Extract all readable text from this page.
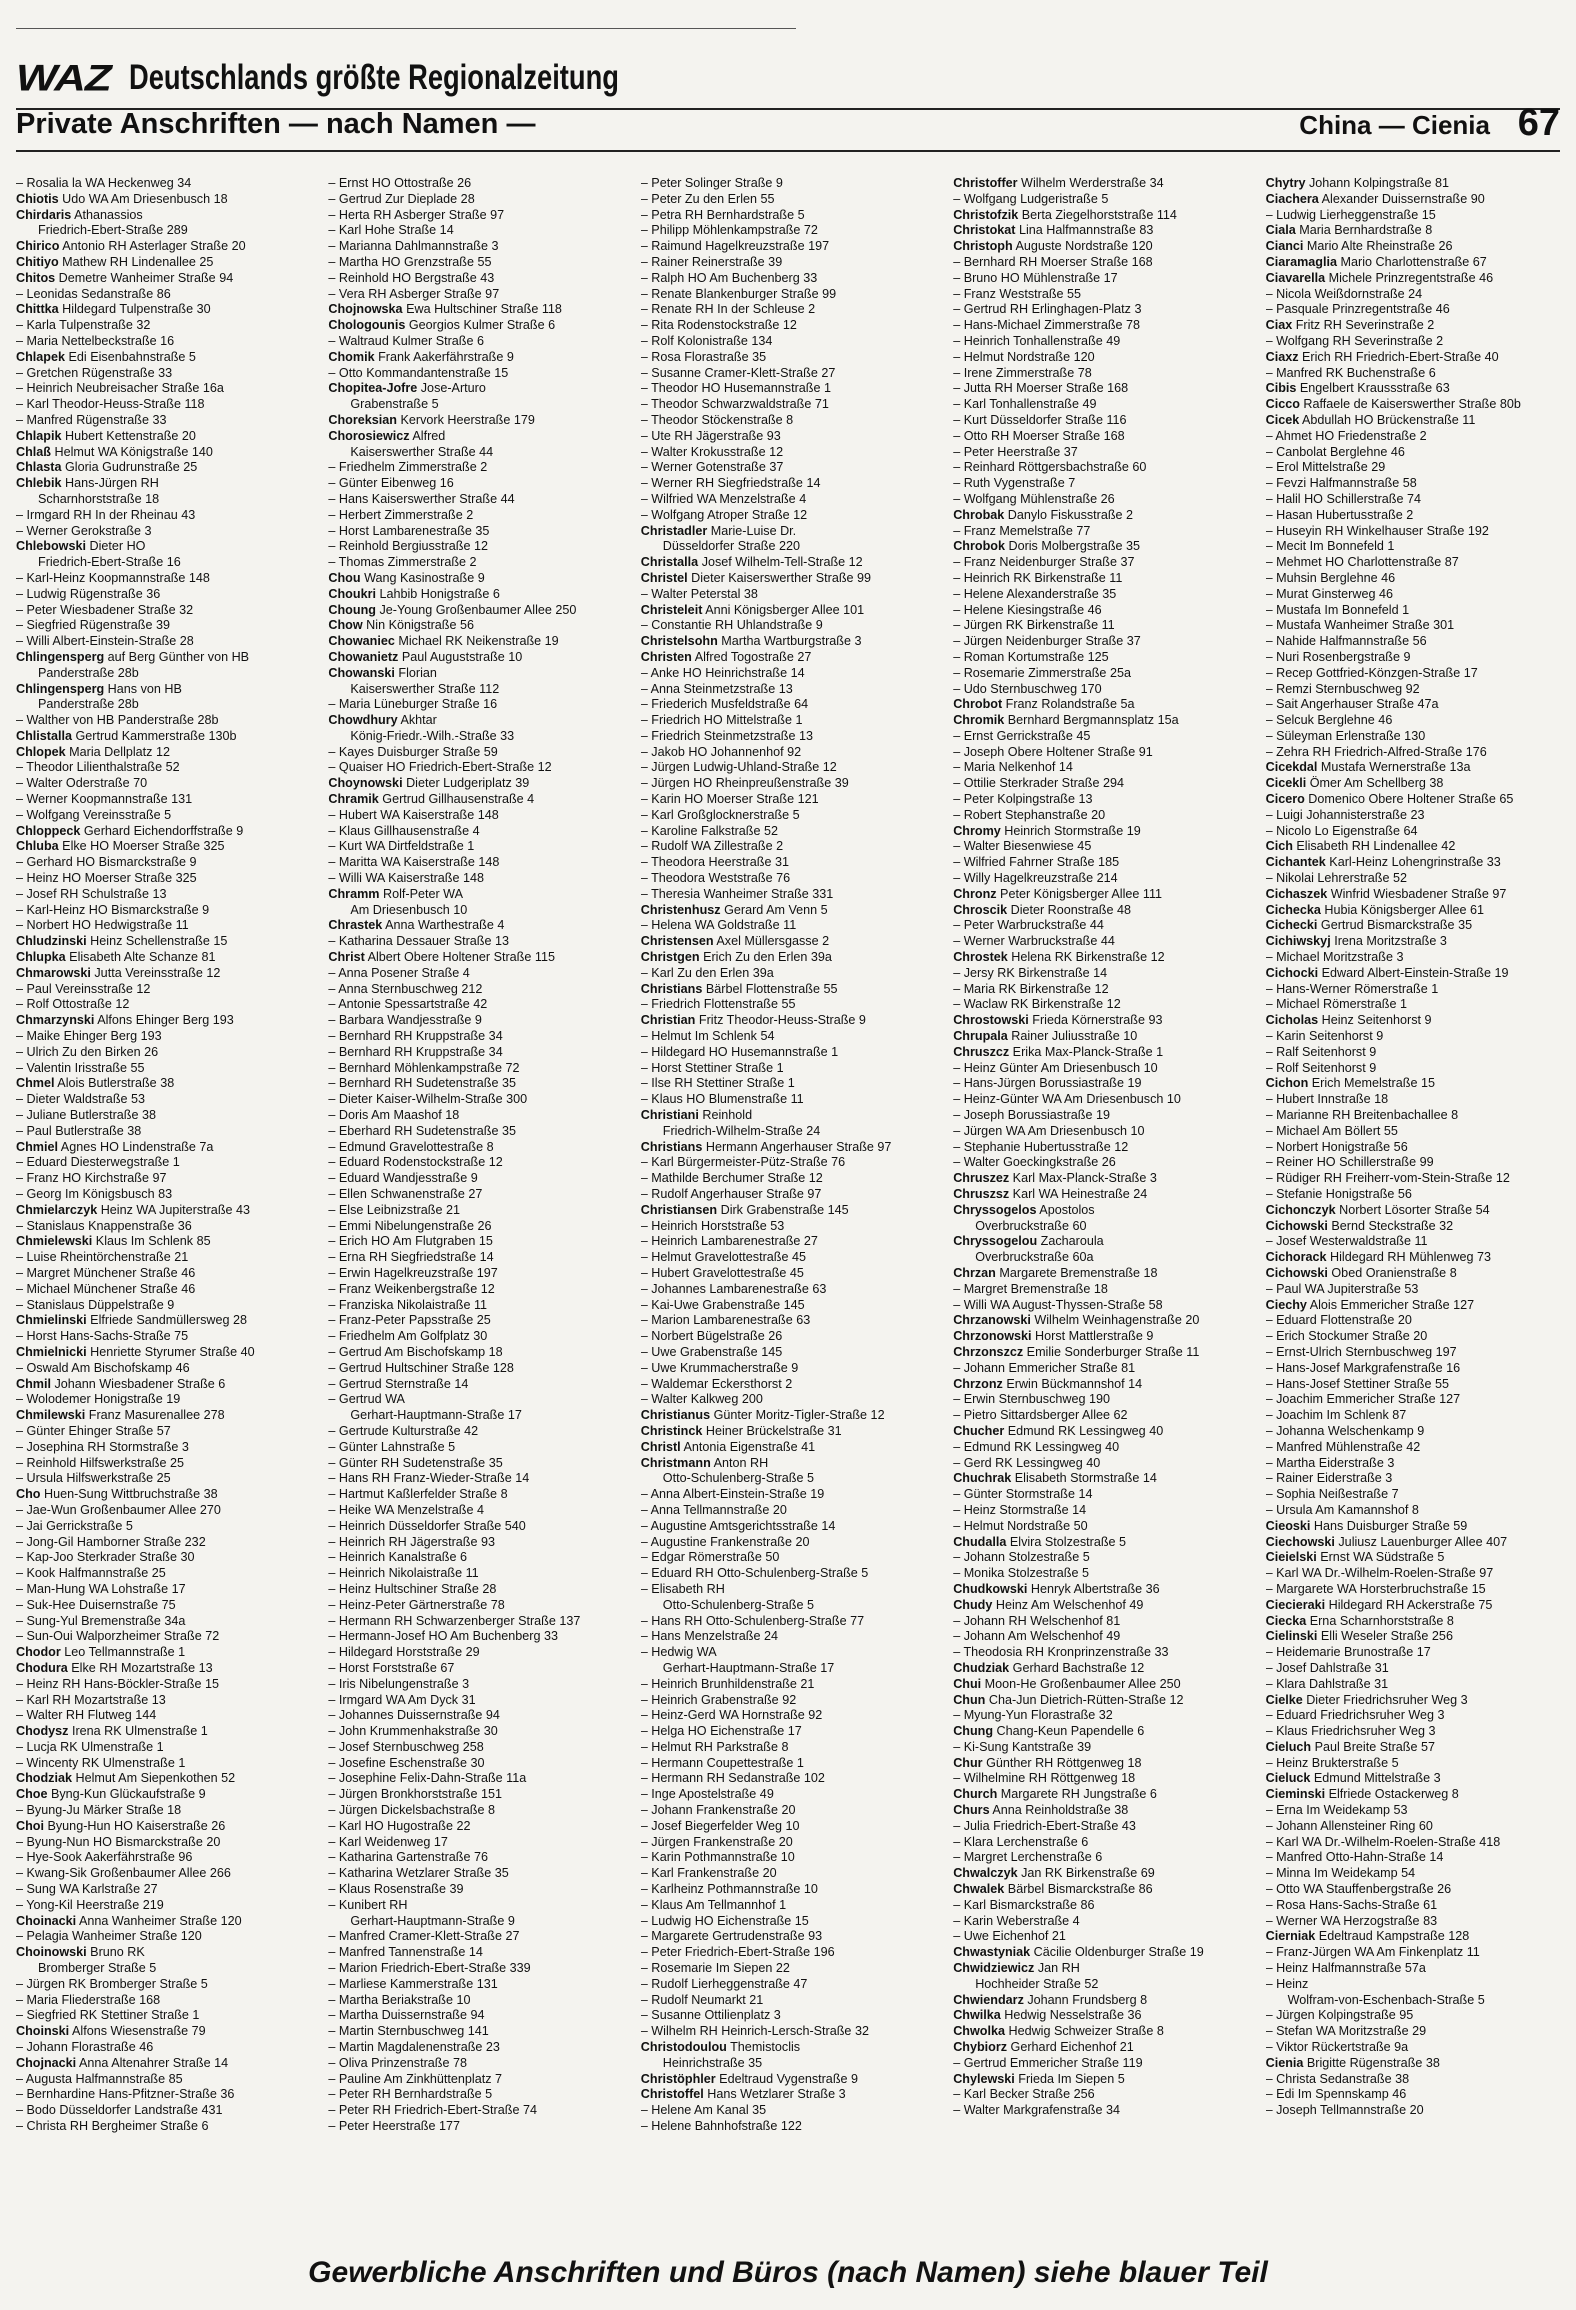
WAZ Deutschlands größte Regionalzeitung
Private Anschriften — nach Namen —	China — Cienia 67
– Rosalia la WA Heckenweg 34
Chiotis Udo WA Am Driesenbusch 18
Chirdaris Athanassios
Friedrich-Ebert-Straße 289
Chirico Antonio RH Asterlager Straße 20
Chitiyo Mathew RH Lindenallee 25
Chitos Demetre Wanheimer Straße 94
– Leonidas Sedanstraße 86
Chittka Hildegard Tulpenstraße 30
– Karla Tulpenstraße 32
– Maria Nettelbeckstraße 16
Chlapek Edi Eisenbahnstraße 5
– Gretchen Rügenstraße 33
– Heinrich Neubreisacher Straße 16a
– Karl Theodor-Heuss-Straße 118
– Manfred Rügenstraße 33
Chlapik Hubert Kettenstraße 20
Chlaß Helmut WA Königstraße 140
Chlasta Gloria Gudrunstraße 25
Chlebik Hans-Jürgen RH
Scharnhorststraße 18
– Irmgard RH In der Rheinau 43
– Werner Gerokstraße 3
Chlebowski Dieter HO
Friedrich-Ebert-Straße 16
– Karl-Heinz Koopmannstraße 148
– Ludwig Rügenstraße 36
– Peter Wiesbadener Straße 32
– Siegfried Rügenstraße 39
– Willi Albert-Einstein-Straße 28
Chlingensperg auf Berg Günther von HB
Panderstraße 28b
Chlingensperg Hans von HB
Panderstraße 28b
– Walther von HB Panderstraße 28b
Chlistalla Gertrud Kammerstraße 130b
Chlopek Maria Dellplatz 12
– Theodor Lilienthalstraße 52
– Walter Oderstraße 70
– Werner Koopmannstraße 131
– Wolfgang Vereinsstraße 5
Chloppeck Gerhard Eichendorffstraße 9
Chluba Elke HO Moerser Straße 325
– Gerhard HO Bismarckstraße 9
– Heinz HO Moerser Straße 325
– Josef RH Schulstraße 13
– Karl-Heinz HO Bismarckstraße 9
– Norbert HO Hedwigstraße 11
Chludzinski Heinz Schellenstraße 15
Chlupka Elisabeth Alte Schanze 81
Chmarowski Jutta Vereinsstraße 12
– Paul Vereinsstraße 12
– Rolf Ottostraße 12
Chmarzynski Alfons Ehinger Berg 193
– Maike Ehinger Berg 193
– Ulrich Zu den Birken 26
– Valentin Irisstraße 55
Chmel Alois Butlerstraße 38
– Dieter Waldstraße 53
– Juliane Butlerstraße 38
– Paul Butlerstraße 38
Chmiel Agnes HO Lindenstraße 7a
– Eduard Diesterwegstraße 1
– Franz HO Kirchstraße 97
– Georg Im Königsbusch 83
Chmielarczyk Heinz WA Jupiterstraße 43
– Stanislaus Knappenstraße 36
Chmielewski Klaus Im Schlenk 85
– Luise Rheintörchenstraße 21
– Margret Münchener Straße 46
– Michael Münchener Straße 46
– Stanislaus Düppelstraße 9
Chmielinski Elfriede Sandmüllersweg 28
– Horst Hans-Sachs-Straße 75
Chmielnicki Henriette Styrumer Straße 40
– Oswald Am Bischofskamp 46
Chmil Johann Wiesbadener Straße 6
– Wolodemer Honigstraße 19
Chmilewski Franz Masurenallee 278
– Günter Ehinger Straße 57
– Josephina RH Stormstraße 3
– Reinhold Hilfswerkstraße 25
– Ursula Hilfswerkstraße 25
Cho Huen-Sung Wittbruchstraße 38
– Jae-Wun Großenbaumer Allee 270
– Jai Gerrickstraße 5
– Jong-Gil Hamborner Straße 232
– Kap-Joo Sterkrader Straße 30
– Kook Halfmannstraße 25
– Man-Hung WA Lohstraße 17
– Suk-Hee Duisernstraße 75
– Sung-Yul Bremenstraße 34a
– Sun-Oui Walporzheimer Straße 72
Chodor Leo Tellmannstraße 1
Chodura Elke RH Mozartstraße 13
– Heinz RH Hans-Böckler-Straße 15
– Karl RH Mozartstraße 13
– Walter RH Flutweg 144
Chodysz Irena RK Ulmenstraße 1
– Lucja RK Ulmenstraße 1
– Wincenty RK Ulmenstraße 1
Chodziak Helmut Am Siepenkothen 52
Choe Byng-Kun Glückaufstraße 9
– Byung-Ju Märker Straße 18
Choi Byung-Hun HO Kaiserstraße 26
– Byung-Nun HO Bismarckstraße 20
– Hye-Sook Aakerfährstraße 96
– Kwang-Sik Großenbaumer Allee 266
– Sung WA Karlstraße 27
– Yong-Kil Heerstraße 219
Choinacki Anna Wanheimer Straße 120
– Pelagia Wanheimer Straße 120
Choinowski Bruno RK
Bromberger Straße 5
– Jürgen RK Bromberger Straße 5
– Maria Fliederstraße 168
– Siegfried RK Stettiner Straße 1
Choinski Alfons Wiesenstraße 79
– Johann Florastraße 46
Chojnacki Anna Altenahrer Straße 14
– Augusta Halfmannstraße 85
– Bernhardine Hans-Pfitzner-Straße 36
– Bodo Düsseldorfer Landstraße 431
– Christa RH Bergheimer Straße 6
– Ernst HO Ottostraße 26
– Gertrud Zur Dieplade 28
– Herta RH Asberger Straße 97
– Karl Hohe Straße 14
– Marianna Dahlmannstraße 3
– Martha HO Grenzstraße 55
– Reinhold HO Bergstraße 43
– Vera RH Asberger Straße 97
Chojnowska Ewa Hultschiner Straße 118
Chologounis Georgios Kulmer Straße 6
– Waltraud Kulmer Straße 6
Chomik Frank Aakerfährstraße 9
– Otto Kommandantenstraße 15
Chopitea-Jofre Jose-Arturo
Grabenstraße 5
Choreksian Kervork Heerstraße 179
Chorosiewicz Alfred
Kaiserswerther Straße 44
– Friedhelm Zimmerstraße 2
– Günter Eibenweg 16
– Hans Kaiserswerther Straße 44
– Herbert Zimmerstraße 2
– Horst Lambarenestraße 35
– Reinhold Bergiusstraße 12
– Thomas Zimmerstraße 2
Chou Wang Kasinostraße 9
Choukri Lahbib Honigstraße 6
Choung Je-Young Großenbaumer Allee 250
Chow Nin Königstraße 56
Chowaniec Michael RK Neikenstraße 19
Chowanietz Paul Auguststraße 10
Chowanski Florian
Kaiserswerther Straße 112
– Maria Lüneburger Straße 16
Chowdhury Akhtar
König-Friedr.-Wilh.-Straße 33
– Kayes Duisburger Straße 59
– Quaiser HO Friedrich-Ebert-Straße 12
Choynowski Dieter Ludgeriplatz 39
Chramik Gertrud Gillhausenstraße 4
– Hubert WA Kaiserstraße 148
– Klaus Gillhausenstraße 4
– Kurt WA Dirtfeldstraße 1
– Maritta WA Kaiserstraße 148
– Willi WA Kaiserstraße 148
Chramm Rolf-Peter WA
Am Driesenbusch 10
Chrastek Anna Warthestraße 4
– Katharina Dessauer Straße 13
Christ Albert Obere Holtener Straße 115
– Anna Posener Straße 4
– Anna Sternbuschweg 212
– Antonie Spessartstraße 42
– Barbara Wandjesstraße 9
– Bernhard RH Kruppstraße 34
– Bernhard RH Kruppstraße 34
– Bernhard Möhlenkampstraße 72
– Bernhard RH Sudetenstraße 35
– Dieter Kaiser-Wilhelm-Straße 300
– Doris Am Maashof 18
– Eberhard RH Sudetenstraße 35
– Edmund Gravelottestraße 8
– Eduard Rodenstockstraße 12
– Eduard Wandjesstraße 9
– Ellen Schwanenstraße 27
– Else Leibnizstraße 21
– Emmi Nibelungenstraße 26
– Erich HO Am Flutgraben 15
– Erna RH Siegfriedstraße 14
– Erwin Hagelkreuzstraße 197
– Franz Weikenbergstraße 12
– Franziska Nikolaistraße 11
– Franz-Peter Papsstraße 25
– Friedhelm Am Golfplatz 30
– Gertrud Am Bischofskamp 18
– Gertrud Hultschiner Straße 128
– Gertrud Sternstraße 14
– Gertrud WA
Gerhart-Hauptmann-Straße 17
– Gertrude Kulturstraße 42
– Günter Lahnstraße 5
– Günter RH Sudetenstraße 35
– Hans RH Franz-Wieder-Straße 14
– Hartmut Kaßlerfelder Straße 8
– Heike WA Menzelstraße 4
– Heinrich Düsseldorfer Straße 540
– Heinrich RH Jägerstraße 93
– Heinrich Kanalstraße 6
– Heinrich Nikolaistraße 11
– Heinz Hultschiner Straße 28
– Heinz-Peter Gärtnerstraße 78
– Hermann RH Schwarzenberger Straße 137
– Hermann-Josef HO Am Buchenberg 33
– Hildegard Horststraße 29
– Horst Forststraße 67
– Iris Nibelungenstraße 3
– Irmgard WA Am Dyck 31
– Johannes Duissernstraße 94
– John Krummenhakstraße 30
– Josef Sternbuschweg 258
– Josefine Eschenstraße 30
– Josephine Felix-Dahn-Straße 11a
– Jürgen Bronkhorststraße 151
– Jürgen Dickelsbachstraße 8
– Karl HO Hugostraße 22
– Karl Weidenweg 17
– Katharina Gartenstraße 76
– Katharina Wetzlarer Straße 35
– Klaus Rosenstraße 39
– Kunibert RH
Gerhart-Hauptmann-Straße 9
– Manfred Cramer-Klett-Straße 27
– Manfred Tannenstraße 14
– Marion Friedrich-Ebert-Straße 339
– Marliese Kammerstraße 131
– Martha Beriakstraße 10
– Martha Duissernstraße 94
– Martin Sternbuschweg 141
– Martin Magdalenenstraße 23
– Oliva Prinzenstraße 78
– Pauline Am Zinkhüttenplatz 7
– Peter RH Bernhardstraße 5
– Peter RH Friedrich-Ebert-Straße 74
– Peter Heerstraße 177
– Peter Solinger Straße 9
– Peter Zu den Erlen 55
– Petra RH Bernhardstraße 5
– Philipp Möhlenkampstraße 72
– Raimund Hagelkreuzstraße 197
– Rainer Reinerstraße 39
– Ralph HO Am Buchenberg 33
– Renate Blankenburger Straße 99
– Renate RH In der Schleuse 2
– Rita Rodenstockstraße 12
– Rolf Kolonistraße 134
– Rosa Florastraße 35
– Susanne Cramer-Klett-Straße 27
– Theodor HO Husemannstraße 1
– Theodor Schwarzwaldstraße 71
– Theodor Stöckenstraße 8
– Ute RH Jägerstraße 93
– Walter Krokusstraße 12
– Werner Gotenstraße 37
– Werner RH Siegfriedstraße 14
– Wilfried WA Menzelstraße 4
– Wolfgang Atroper Straße 12
Christadler Marie-Luise Dr.
Düsseldorfer Straße 220
Christalla Josef Wilhelm-Tell-Straße 12
Christel Dieter Kaiserswerther Straße 99
– Walter Peterstal 38
Christeleit Anni Königsberger Allee 101
– Constantie RH Uhlandstraße 9
Christelsohn Martha Wartburgstraße 3
Christen Alfred Togostraße 27
– Anke HO Heinrichstraße 14
– Anna Steinmetzstraße 13
– Friederich Musfeldstraße 64
– Friedrich HO Mittelstraße 1
– Friedrich Steinmetzstraße 13
– Jakob HO Johannenhof 92
– Jürgen Ludwig-Uhland-Straße 12
– Jürgen HO Rheinpreußenstraße 39
– Karin HO Moerser Straße 121
– Karl Großglocknerstraße 5
– Karoline Falkstraße 52
– Rudolf WA Zillestraße 2
– Theodora Heerstraße 31
– Theodora Weststraße 76
– Theresia Wanheimer Straße 331
Christenhusz Gerard Am Venn 5
– Helena WA Goldstraße 11
Christensen Axel Müllersgasse 2
Christgen Erich Zu den Erlen 39a
– Karl Zu den Erlen 39a
Christians Bärbel Flottenstraße 55
– Friedrich Flottenstraße 55
Christian Fritz Theodor-Heuss-Straße 9
– Helmut Im Schlenk 54
– Hildegard HO Husemannstraße 1
– Horst Stettiner Straße 1
– Ilse RH Stettiner Straße 1
– Klaus HO Blumenstraße 11
Christiani Reinhold
Friedrich-Wilhelm-Straße 24
Christians Hermann Angerhauser Straße 97
– Karl Bürgermeister-Pütz-Straße 76
– Mathilde Berchumer Straße 12
– Rudolf Angerhauser Straße 97
Christiansen Dirk Grabenstraße 145
– Heinrich Horststraße 53
– Heinrich Lambarenestraße 27
– Helmut Gravelottestraße 45
– Hubert Gravelottestraße 45
– Johannes Lambarenestraße 63
– Kai-Uwe Grabenstraße 145
– Marion Lambarenestraße 63
– Norbert Bügelstraße 26
– Uwe Grabenstraße 145
– Uwe Krummacherstraße 9
– Waldemar Eckersthorst 2
– Walter Kalkweg 200
Christianus Günter Moritz-Tigler-Straße 12
Christinck Heiner Brückelstraße 31
Christl Antonia Eigenstraße 41
Christmann Anton RH
Otto-Schulenberg-Straße 5
– Anna Albert-Einstein-Straße 19
– Anna Tellmannstraße 20
– Augustine Amtsgerichtsstraße 14
– Augustine Frankenstraße 20
– Edgar Römerstraße 50
– Eduard RH Otto-Schulenberg-Straße 5
– Elisabeth RH
Otto-Schulenberg-Straße 5
– Hans RH Otto-Schulenberg-Straße 77
– Hans Menzelstraße 24
– Hedwig WA
Gerhart-Hauptmann-Straße 17
– Heinrich Brunhildenstraße 21
– Heinrich Grabenstraße 92
– Heinz-Gerd WA Hornstraße 92
– Helga HO Eichenstraße 17
– Helmut RH Parkstraße 8
– Hermann Coupettestraße 1
– Hermann RH Sedanstraße 102
– Inge Apostelstraße 49
– Johann Frankenstraße 20
– Josef Biegerfelder Weg 10
– Jürgen Frankenstraße 20
– Karin Pothmannstraße 10
– Karl Frankenstraße 20
– Karlheinz Pothmannstraße 10
– Klaus Am Tellmannhof 1
– Ludwig HO Eichenstraße 15
– Margarete Gertrudenstraße 93
– Peter Friedrich-Ebert-Straße 196
– Rosemarie Im Siepen 22
– Rudolf Lierheggenstraße 47
– Rudolf Neumarkt 21
– Susanne Ottilienplatz 3
– Wilhelm RH Heinrich-Lersch-Straße 32
Christodoulou Themistoclis
Heinrichstraße 35
Christöphler Edeltraud Vygenstraße 9
Christoffel Hans Wetzlarer Straße 3
– Helene Am Kanal 35
– Helene Bahnhofstraße 122
Christoffer Wilhelm Werderstraße 34
– Wolfgang Ludgeristraße 5
Christofzik Berta Ziegelhorststraße 114
Christokat Lina Halfmannstraße 83
Christoph Auguste Nordstraße 120
– Bernhard RH Moerser Straße 168
– Bruno HO Mühlenstraße 17
– Franz Weststraße 55
– Gertrud RH Erlinghagen-Platz 3
– Hans-Michael Zimmerstraße 78
– Heinrich Tonhallenstraße 49
– Helmut Nordstraße 120
– Irene Zimmerstraße 78
– Jutta RH Moerser Straße 168
– Karl Tonhallenstraße 49
– Kurt Düsseldorfer Straße 116
– Otto RH Moerser Straße 168
– Peter Heerstraße 37
– Reinhard Röttgersbachstraße 60
– Ruth Vygenstraße 7
– Wolfgang Mühlenstraße 26
Chrobak Danylo Fiskusstraße 2
– Franz Memelstraße 77
Chrobok Doris Molbergstraße 35
– Franz Neidenburger Straße 37
– Heinrich RK Birkenstraße 11
– Helene Alexanderstraße 35
– Helene Kiesingstraße 46
– Jürgen RK Birkenstraße 11
– Jürgen Neidenburger Straße 37
– Roman Kortumstraße 125
– Rosemarie Zimmerstraße 25a
– Udo Sternbuschweg 170
Chrobot Franz Rolandstraße 5a
Chromik Bernhard Bergmannsplatz 15a
– Ernst Gerrickstraße 45
– Joseph Obere Holtener Straße 91
– Maria Nelkenhof 14
– Ottilie Sterkrader Straße 294
– Peter Kolpingstraße 13
– Robert Stephanstraße 20
Chromy Heinrich Stormstraße 19
– Walter Biesenwiese 45
– Wilfried Fahrner Straße 185
– Willy Hagelkreuzstraße 214
Chronz Peter Königsberger Allee 111
Chroscik Dieter Roonstraße 48
– Peter Warbruckstraße 44
– Werner Warbruckstraße 44
Chrostek Helena RK Birkenstraße 12
– Jersy RK Birkenstraße 14
– Maria RK Birkenstraße 12
– Waclaw RK Birkenstraße 12
Chrostowski Frieda Körnerstraße 93
Chrupala Rainer Juliusstraße 10
Chruszcz Erika Max-Planck-Straße 1
– Heinz Günter Am Driesenbusch 10
– Hans-Jürgen Borussiastraße 19
– Heinz-Günter WA Am Driesenbusch 10
– Joseph Borussiastraße 19
– Jürgen WA Am Driesenbusch 10
– Stephanie Hubertusstraße 12
– Walter Goeckingkstraße 26
Chruszez Karl Max-Planck-Straße 3
Chruszsz Karl WA Heinestraße 24
Chryssogelos Apostolos
Overbruckstraße 60
Chryssogelou Zacharoula
Overbruckstraße 60a
Chrzan Margarete Bremenstraße 18
– Margret Bremenstraße 18
– Willi WA August-Thyssen-Straße 58
Chrzanowski Wilhelm Weinhagenstraße 20
Chrzonowski Horst Mattlerstraße 9
Chrzonszcz Emilie Sonderburger Straße 11
– Johann Emmericher Straße 81
Chrzonz Erwin Bückmannshof 14
– Erwin Sternbuschweg 190
– Pietro Sittardsberger Allee 62
Chucher Edmund RK Lessingweg 40
– Edmund RK Lessingweg 40
– Gerd RK Lessingweg 40
Chuchrak Elisabeth Stormstraße 14
– Günter Stormstraße 14
– Heinz Stormstraße 14
– Helmut Nordstraße 50
Chudalla Elvira Stolzestraße 5
– Johann Stolzestraße 5
– Monika Stolzestraße 5
Chudkowski Henryk Albertstraße 36
Chudy Heinz Am Welschenhof 49
– Johann RH Welschenhof 81
– Johann Am Welschenhof 49
– Theodosia RH Kronprinzenstraße 33
Chudziak Gerhard Bachstraße 12
Chui Moon-He Großenbaumer Allee 250
Chun Cha-Jun Dietrich-Rütten-Straße 12
– Myung-Yun Florastraße 32
Chung Chang-Keun Papendelle 6
– Ki-Sung Kantstraße 39
Chur Günther RH Röttgenweg 18
– Wilhelmine RH Röttgenweg 18
Church Margarete RH Jungstraße 6
Churs Anna Reinholdstraße 38
– Julia Friedrich-Ebert-Straße 43
– Klara Lerchenstraße 6
– Margret Lerchenstraße 6
Chwalczyk Jan RK Birkenstraße 69
Chwalek Bärbel Bismarckstraße 86
– Karl Bismarckstraße 86
– Karin Weberstraße 4
– Uwe Eichenhof 21
Chwastyniak Cäcilie Oldenburger Straße 19
Chwidziewicz Jan RH
Hochheider Straße 52
Chwiendarz Johann Frundsberg 8
Chwilka Hedwig Nesselstraße 36
Chwolka Hedwig Schweizer Straße 8
Chybiorz Gerhard Eichenhof 21
– Gertrud Emmericher Straße 119
Chylewski Frieda Im Siepen 5
– Karl Becker Straße 256
– Walter Markgrafenstraße 34
Chytry Johann Kolpingstraße 81
Ciachera Alexander Duissernstraße 90
– Ludwig Lierheggenstraße 15
Ciala Maria Bernhardstraße 8
Cianci Mario Alte Rheinstraße 26
Ciaramaglia Mario Charlottenstraße 67
Ciavarella Michele Prinzregentstraße 46
– Nicola Weißdornstraße 24
– Pasquale Prinzregentstraße 46
Ciax Fritz RH Severinstraße 2
– Wolfgang RH Severinstraße 2
Ciaxz Erich RH Friedrich-Ebert-Straße 40
– Manfred RK Buchenstraße 6
Cibis Engelbert Kraussstraße 63
Cicco Raffaele de Kaiserswerther Straße 80b
Cicek Abdullah HO Brückenstraße 11
– Ahmet HO Friedenstraße 2
– Canbolat Berglehne 46
– Erol Mittelstraße 29
– Fevzi Halfmannstraße 58
– Halil HO Schillerstraße 74
– Hasan Hubertusstraße 2
– Huseyin RH Winkelhauser Straße 192
– Mecit Im Bonnefeld 1
– Mehmet HO Charlottenstraße 87
– Muhsin Berglehne 46
– Murat Ginsterweg 46
– Mustafa Im Bonnefeld 1
– Mustafa Wanheimer Straße 301
– Nahide Halfmannstraße 56
– Nuri Rosenbergstraße 9
– Recep Gottfried-Könzgen-Straße 17
– Remzi Sternbuschweg 92
– Sait Angerhauser Straße 47a
– Selcuk Berglehne 46
– Süleyman Erlenstraße 130
– Zehra RH Friedrich-Alfred-Straße 176
Cicekdal Mustafa Wernerstraße 13a
Cicekli Ömer Am Schellberg 38
Cicero Domenico Obere Holtener Straße 65
– Luigi Johannisterstraße 23
– Nicolo Lo Eigenstraße 64
Cich Elisabeth RH Lindenallee 42
Cichantek Karl-Heinz Lohengrinstraße 33
– Nikolai Lehrerstraße 52
Cichaszek Winfrid Wiesbadener Straße 97
Cichecka Hubia Königsberger Allee 61
Cichecki Gertrud Bismarckstraße 35
Cichiwskyj Irena Moritzstraße 3
– Michael Moritzstraße 3
Cichocki Edward Albert-Einstein-Straße 19
– Hans-Werner Römerstraße 1
– Michael Römerstraße 1
Cicholas Heinz Seitenhorst 9
– Karin Seitenhorst 9
– Ralf Seitenhorst 9
– Rolf Seitenhorst 9
Cichon Erich Memelstraße 15
– Hubert Innstraße 18
– Marianne RH Breitenbachallee 8
– Michael Am Böllert 55
– Norbert Honigstraße 56
– Reiner HO Schillerstraße 99
– Rüdiger RH Freiherr-vom-Stein-Straße 12
– Stefanie Honigstraße 56
Cichonczyk Norbert Lösorter Straße 54
Cichowski Bernd Steckstraße 32
– Josef Westerwaldstraße 11
Cichorack Hildegard RH Mühlenweg 73
Cichowski Obed Oranienstraße 8
– Paul WA Jupiterstraße 53
Ciechy Alois Emmericher Straße 127
– Eduard Flottenstraße 20
– Erich Stockumer Straße 20
– Ernst-Ulrich Sternbuschweg 197
– Hans-Josef Markgrafenstraße 16
– Hans-Josef Stettiner Straße 55
– Joachim Emmericher Straße 127
– Joachim Im Schlenk 87
– Johanna Welschenkamp 9
– Manfred Mühlenstraße 42
– Martha Eiderstraße 3
– Rainer Eiderstraße 3
– Sophia Neißestraße 7
– Ursula Am Kamannshof 8
Cieoski Hans Duisburger Straße 59
Ciechowski Juliusz Lauenburger Allee 407
Cieielski Ernst WA Südstraße 5
– Karl WA Dr.-Wilhelm-Roelen-Straße 97
– Margarete WA Horsterbruchstraße 15
Ciecieraki Hildegard RH Ackerstraße 75
Ciecka Erna Scharnhorststraße 8
Cielinski Elli Weseler Straße 256
– Heidemarie Brunostraße 17
– Josef Dahlstraße 31
– Klara Dahlstraße 31
Cielke Dieter Friedrichsruher Weg 3
– Eduard Friedrichsruher Weg 3
– Klaus Friedrichsruher Weg 3
Cieluch Paul Breite Straße 57
– Heinz Brukterstraße 5
Cieluck Edmund Mittelstraße 3
Cieminski Elfriede Ostackerweg 8
– Erna Im Weidekamp 53
– Johann Allensteiner Ring 60
– Karl WA Dr.-Wilhelm-Roelen-Straße 418
– Manfred Otto-Hahn-Straße 14
– Minna Im Weidekamp 54
– Otto WA Stauffenbergstraße 26
– Rosa Hans-Sachs-Straße 61
– Werner WA Herzogstraße 83
Cierniak Edeltraud Kampstraße 128
– Franz-Jürgen WA Am Finkenplatz 11
– Heinz Halfmannstraße 57a
– Heinz
Wolfram-von-Eschenbach-Straße 5
– Jürgen Kolpingstraße 95
– Stefan WA Moritzstraße 29
– Viktor Rückertstraße 9a
Cienia Brigitte Rügenstraße 38
– Christa Sedanstraße 38
– Edi Im Spennskamp 46
– Joseph Tellmannstraße 20
Gewerbliche Anschriften und Büros (nach Namen) siehe blauer Teil
